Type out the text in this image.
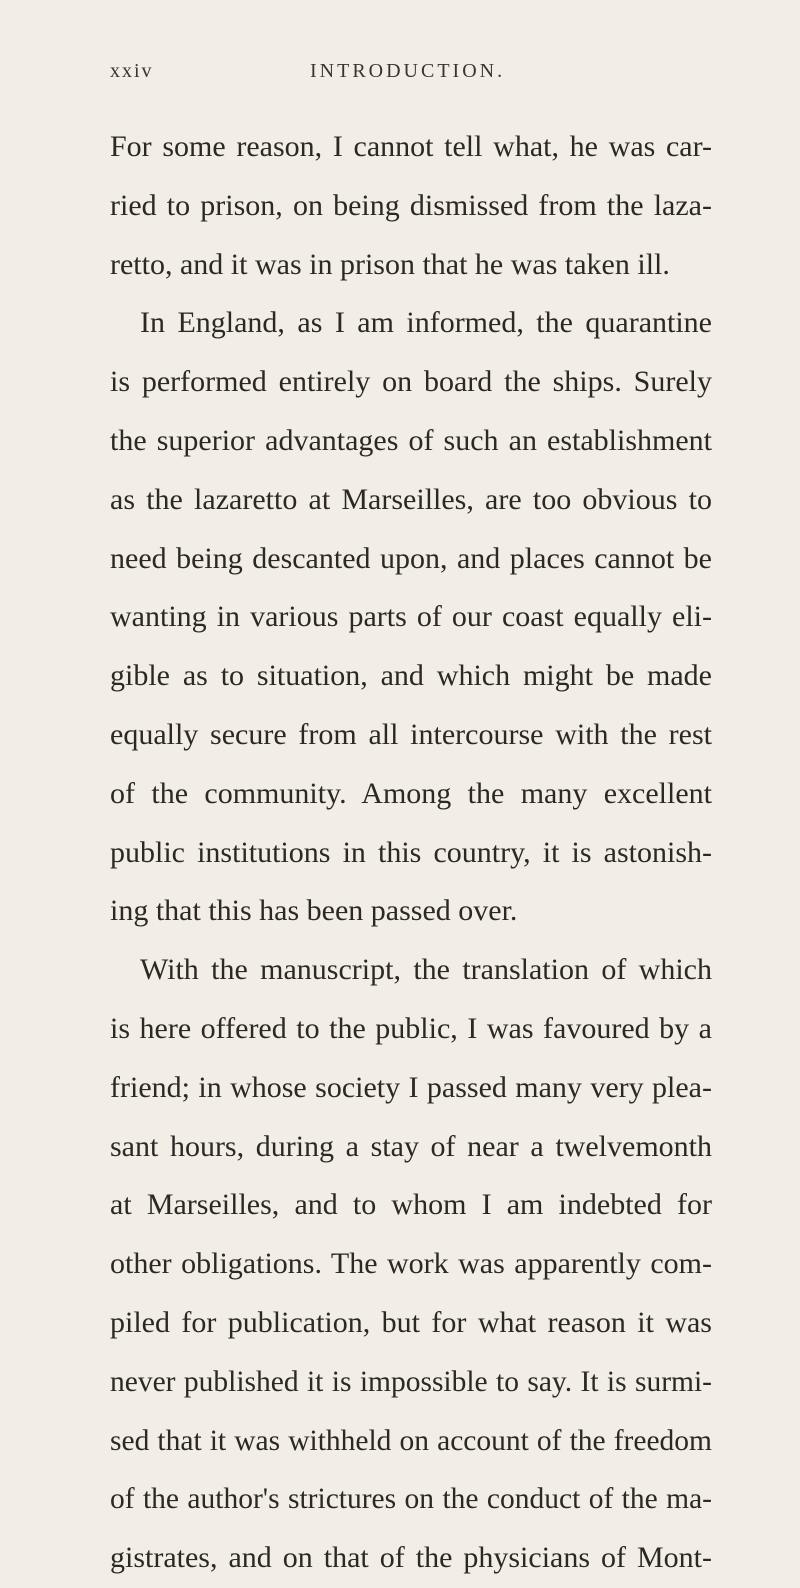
xxiv	INTRODUCTION.
For some reason, I cannot tell what, he was car-
ried to prison, on being dismissed from the laza-
retto, and it was in prison that he was taken ill.
In England, as I am informed, the quarantine
is performed entirely on board the ships. Surely
the superior advantages of such an establishment
as the lazaretto at Marseilles, are too obvious to
need being descanted upon, and places cannot be
wanting in various parts of our coast equally eli-
gible as to situation, and which might be made
equally secure from all intercourse with the rest
of the community. Among the many excellent
public institutions in this country, it is astonish-
ing that this has been passed over.
With the manuscript, the translation of which
is here offered to the public, I was favoured by a
friend; in whose society I passed many very plea-
sant hours, during a stay of near a twelvemonth
at Marseilles, and to whom I am indebted for
other obligations. The work was apparently com-
piled for publication, but for what reason it was
never published it is impossible to say. It is surmi-
sed that it was withheld on account of the freedom
of the author's strictures on the conduct of the ma-
gistrates, and on that of the physicians of Mont-
